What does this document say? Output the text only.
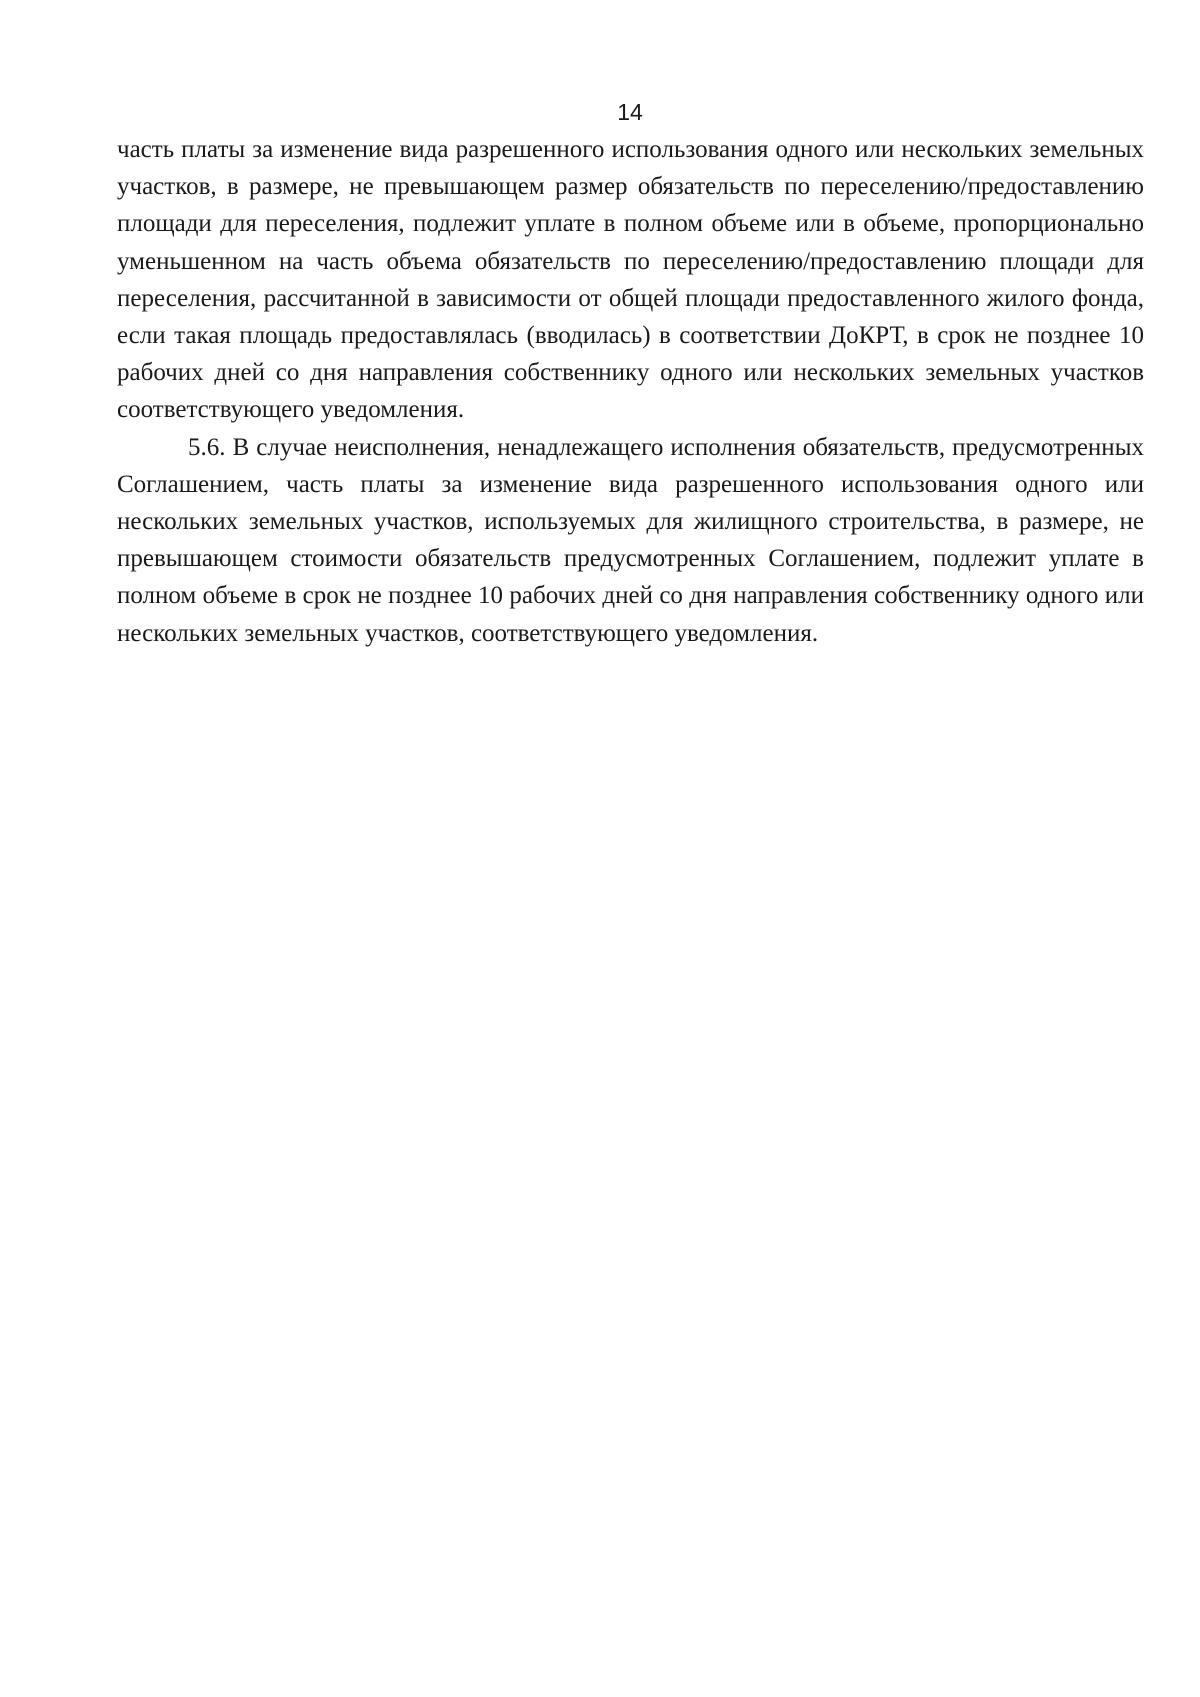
14

часть платы за изменение вида разрешенного использования одного или нескольких земельных участков, в размере, не превышающем размер обязательств по переселению/предоставлению площади для переселения, подлежит уплате в полном объеме или в объеме, пропорционально уменьшенном на часть объема обязательств по переселению/предоставлению площади для переселения, рассчитанной в зависимости от общей площади предоставленного жилого фонда, если такая площадь предоставлялась (вводилась) в соответствии ДоКРТ, в срок не позднее 10 рабочих дней со дня направления собственнику одного или нескольких земельных участков соответствующего уведомления.

5.6. В случае неисполнения, ненадлежащего исполнения обязательств, предусмотренных Соглашением, часть платы за изменение вида разрешенного использования одного или нескольких земельных участков, используемых для жилищного строительства, в размере, не превышающем стоимости обязательств предусмотренных Соглашением, подлежит уплате в полном объеме в срок не позднее 10 рабочих дней со дня направления собственнику одного или нескольких земельных участков, соответствующего уведомления.
